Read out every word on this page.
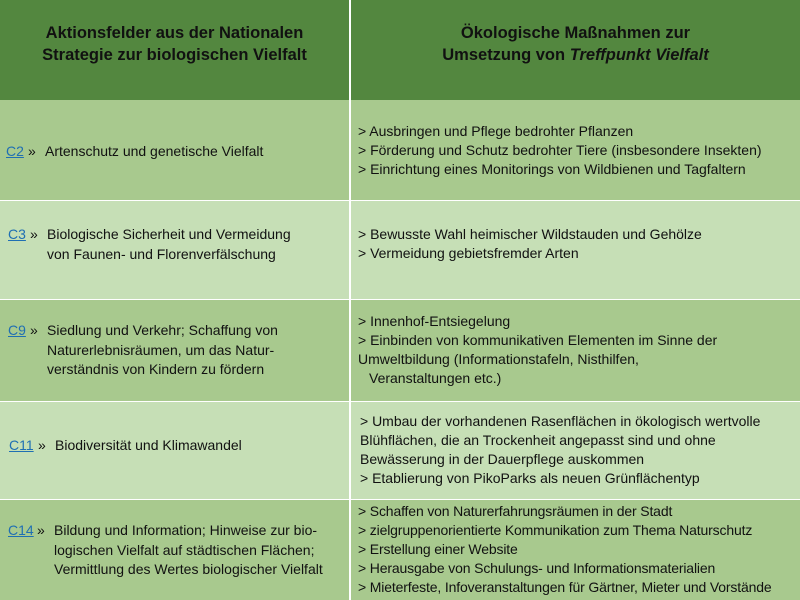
Aktionsfelder aus der Nationalen
Strategie zur biologischen Vielfalt
Ökologische Maßnahmen zur
Umsetzung von Treffpunkt Vielfalt
C2 » Artenschutz und genetische Vielfalt
> Ausbringen und Pflege bedrohter Pflanzen
> Förderung und Schutz bedrohter Tiere (insbesondere Insekten)
> Einrichtung eines Monitorings von Wildbienen und Tagfaltern
C3 » Biologische Sicherheit und Vermeidung
von Faunen- und Florenverfälschung
> Bewusste Wahl heimischer Wildstauden und Gehölze
> Vermeidung gebietsfremder Arten
C9 » Siedlung und Verkehr; Schaffung von
Naturerlebnisräumen, um das Natur-
verständnis von Kindern zu fördern
> Innenhof-Entsiegelung
> Einbinden von kommunikativen Elementen im Sinne der
Umweltbildung (Informationstafeln, Nisthilfen,
Veranstaltungen etc.)
C11 » Biodiversität und Klimawandel
> Umbau der vorhandenen Rasenflächen in ökologisch wertvolle
Blühflächen, die an Trockenheit angepasst sind und ohne
Bewässerung in der Dauerpflege auskommen
> Etablierung von PikoParks als neuen Grünflächentyp
C14 » Bildung und Information; Hinweise zur bio-
logischen Vielfalt auf städtischen Flächen;
Vermittlung des Wertes biologischer Vielfalt
> Schaffen von Naturerfahrungsräumen in der Stadt
> zielgruppenorientierte Kommunikation zum Thema Naturschutz
> Erstellung einer Website
> Herausgabe von Schulungs- und Informationsmaterialien
> Mieterfeste, Infoveranstaltungen für Gärtner, Mieter und Vorstände
